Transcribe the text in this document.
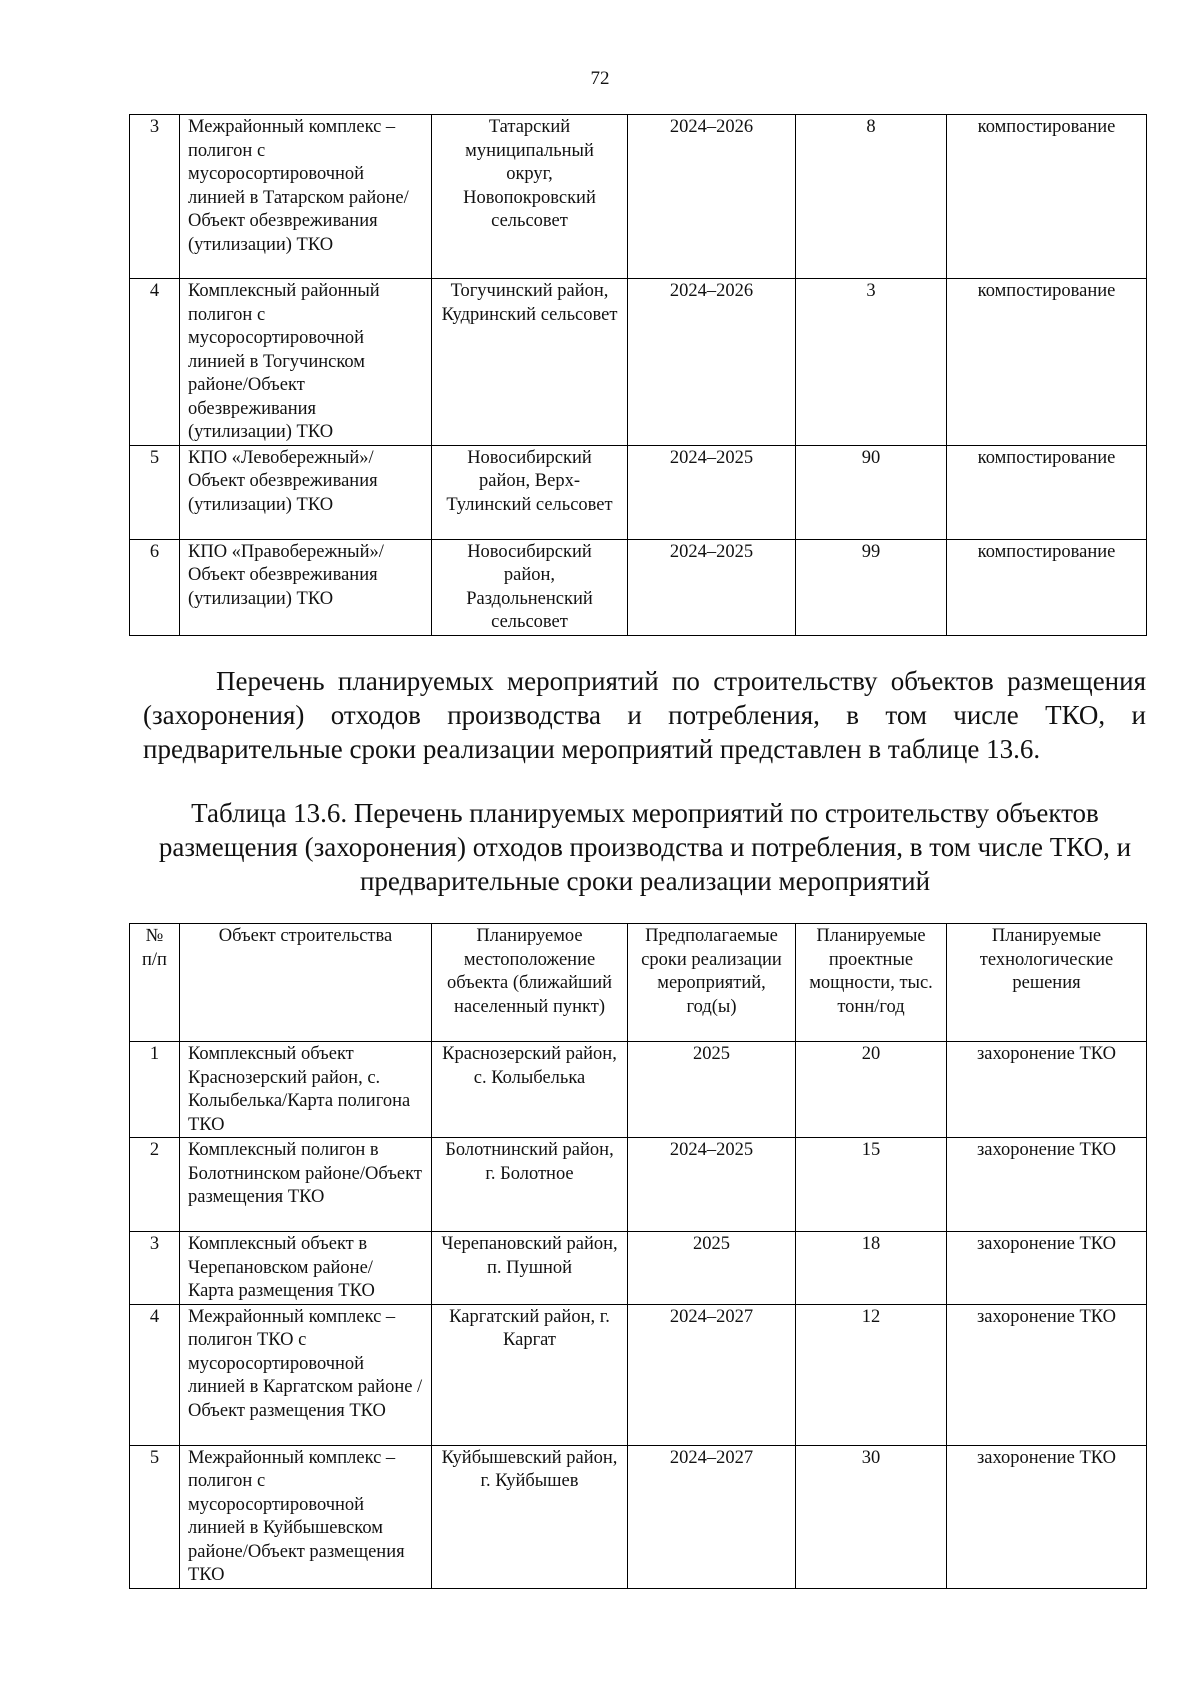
72
3	Межрайонный комплекс – полигон с мусоросортировочной линией в Татарском районе/Объект обезвреживания (утилизации) ТКО	Татарский муниципальный округ, Новопокровский сельсовет	2024–2026	8	компостирование
4	Комплексный районный полигон с мусоросортировочной линией в Тогучинском районе/Объект обезвреживания (утилизации) ТКО	Тогучинский район, Кудринский сельсовет	2024–2026	3	компостирование
5	КПО «Левобережный»/Объект обезвреживания (утилизации) ТКО	Новосибирский район, Верх-Тулинский сельсовет	2024–2025	90	компостирование
6	КПО «Правобережный»/Объект обезвреживания (утилизации) ТКО	Новосибирский район, Раздольненский сельсовет	2024–2025	99	компостирование

Перечень планируемых мероприятий по строительству объектов размещения (захоронения) отходов производства и потребления, в том числе ТКО, и предварительные сроки реализации мероприятий представлен в таблице 13.6.

Таблица 13.6. Перечень планируемых мероприятий по строительству объектов размещения (захоронения) отходов производства и потребления, в том числе ТКО, и предварительные сроки реализации мероприятий

№ п/п	Объект строительства	Планируемое местоположение объекта (ближайший населенный пункт)	Предполагаемые сроки реализации мероприятий, год(ы)	Планируемые проектные мощности, тыс. тонн/год	Планируемые технологические решения
1	Комплексный объект Краснозерский район, с. Колыбелька/Карта полигона ТКО	Краснозерский район, с. Колыбелька	2025	20	захоронение ТКО
2	Комплексный полигон в Болотнинском районе/Объект размещения ТКО	Болотнинский район, г. Болотное	2024–2025	15	захоронение ТКО
3	Комплексный объект в Черепановском районе/ Карта размещения ТКО	Черепановский район, п. Пушной	2025	18	захоронение ТКО
4	Межрайонный комплекс – полигон ТКО с мусоросортировочной линией в Каргатском районе /Объект размещения ТКО	Каргатский район, г. Каргат	2024–2027	12	захоронение ТКО
5	Межрайонный комплекс – полигон с мусоросортировочной линией в Куйбышевском районе/Объект размещения ТКО	Куйбышевский район, г. Куйбышев	2024–2027	30	захоронение ТКО
